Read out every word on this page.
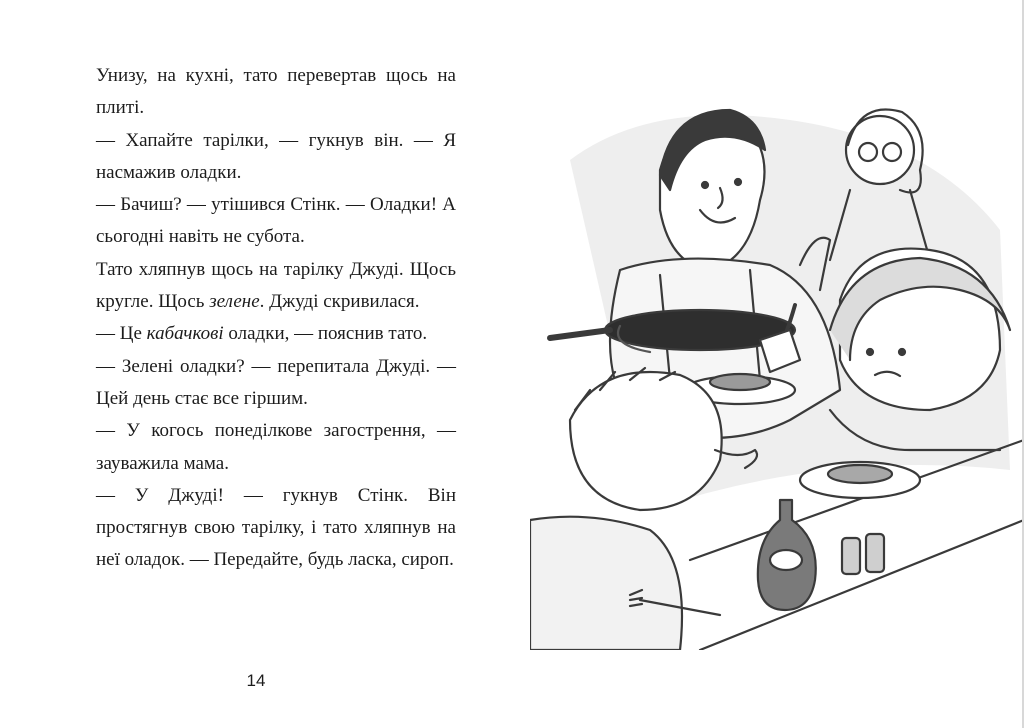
Унизу, на кухні, тато перевертав щось на плиті.

— Хапайте тарілки, — гукнув він. — Я насмажив оладки.

— Бачиш? — утішився Стінк. — Оладки! А сьогодні навіть не субота.

Тато хляпнув щось на тарілку Джуді. Щось кругле. Щось зелене. Джуді скривилася.

— Це кабачкові оладки, — пояснив тато.

— Зелені оладки? — перепитала Джуді. — Цей день стає все гіршим.

— У когось понеділкове загострення, — зауважила мама.

— У Джуді! — гукнув Стінк. Він простягнув свою тарілку, і тато хляпнув на неї оладок. — Передайте, будь ласка, сироп.

14
